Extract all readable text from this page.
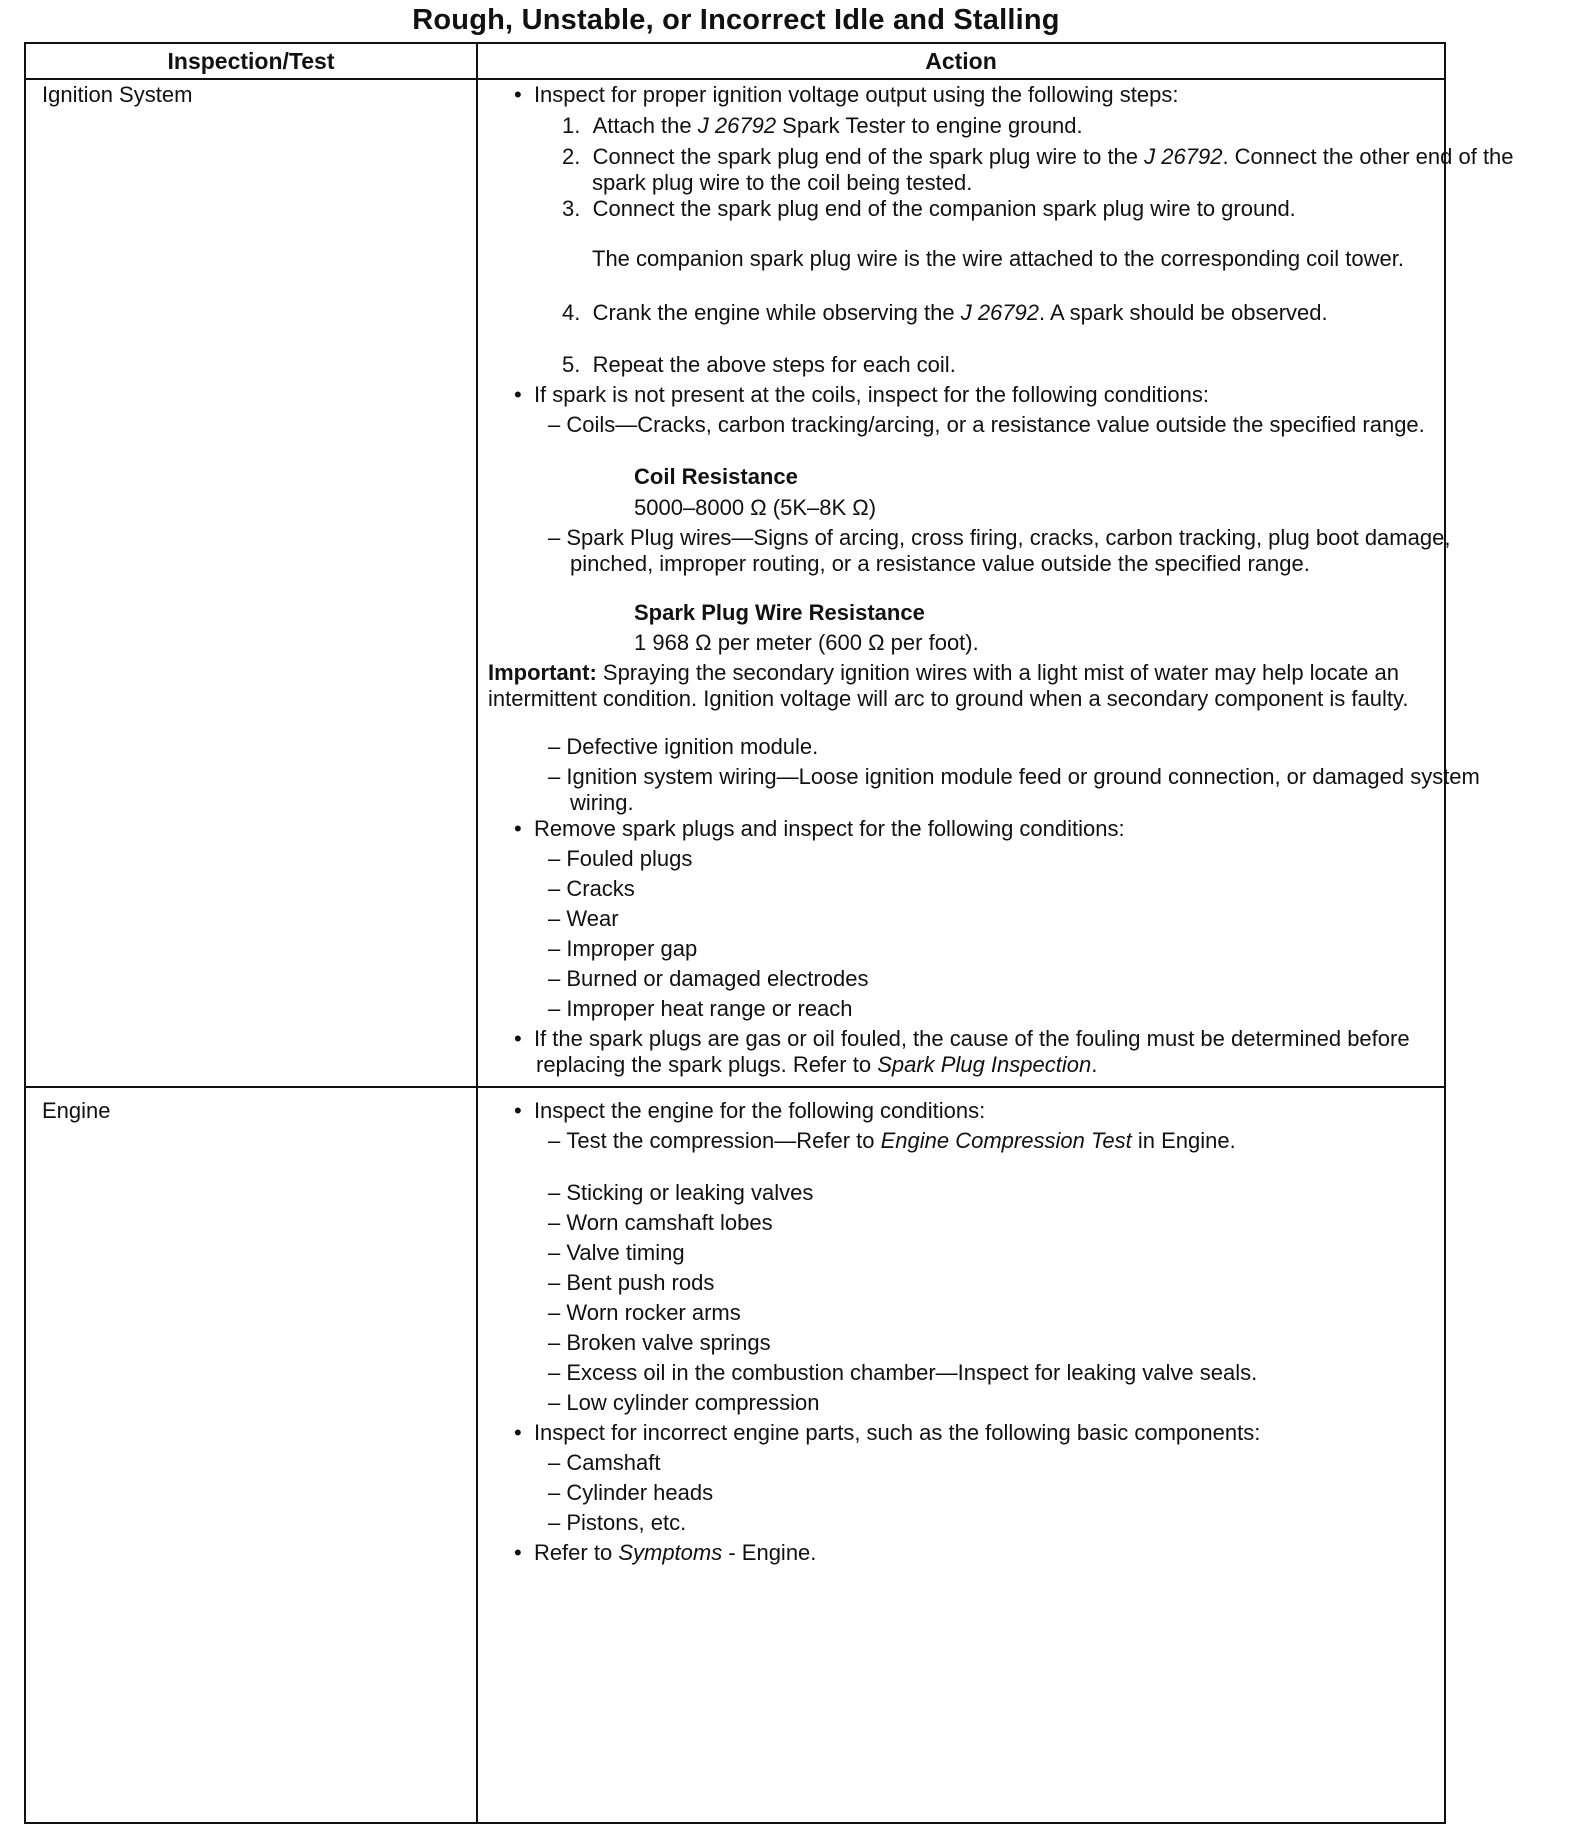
Rough, Unstable, or Incorrect Idle and Stalling
Inspection/Test	Action
Ignition System	•  Inspect for proper ignition voltage output using the following steps:
1.  Attach the J 26792 Spark Tester to engine ground.
2.  Connect the spark plug end of the spark plug wire to the J 26792. Connect the other end of the spark plug wire to the coil being tested.
3.  Connect the spark plug end of the companion spark plug wire to ground.
The companion spark plug wire is the wire attached to the corresponding coil tower.
4.  Crank the engine while observing the J 26792. A spark should be observed.
5.  Repeat the above steps for each coil.
•  If spark is not present at the coils, inspect for the following conditions:
– Coils—Cracks, carbon tracking/arcing, or a resistance value outside the specified range.
Coil Resistance
5000–8000 Ω (5K–8K Ω)
– Spark Plug wires—Signs of arcing, cross firing, cracks, carbon tracking, plug boot damage, pinched, improper routing, or a resistance value outside the specified range.
Spark Plug Wire Resistance
1 968 Ω per meter (600 Ω per foot).
Important: Spraying the secondary ignition wires with a light mist of water may help locate an intermittent condition. Ignition voltage will arc to ground when a secondary component is faulty.
– Defective ignition module.
– Ignition system wiring—Loose ignition module feed or ground connection, or damaged system wiring.
•  Remove spark plugs and inspect for the following conditions:
– Fouled plugs
– Cracks
– Wear
– Improper gap
– Burned or damaged electrodes
– Improper heat range or reach
•  If the spark plugs are gas or oil fouled, the cause of the fouling must be determined before replacing the spark plugs. Refer to Spark Plug Inspection.
Engine	•  Inspect the engine for the following conditions:
– Test the compression—Refer to Engine Compression Test in Engine.
– Sticking or leaking valves
– Worn camshaft lobes
– Valve timing
– Bent push rods
– Worn rocker arms
– Broken valve springs
– Excess oil in the combustion chamber—Inspect for leaking valve seals.
– Low cylinder compression
•  Inspect for incorrect engine parts, such as the following basic components:
– Camshaft
– Cylinder heads
– Pistons, etc.
•  Refer to Symptoms - Engine.
